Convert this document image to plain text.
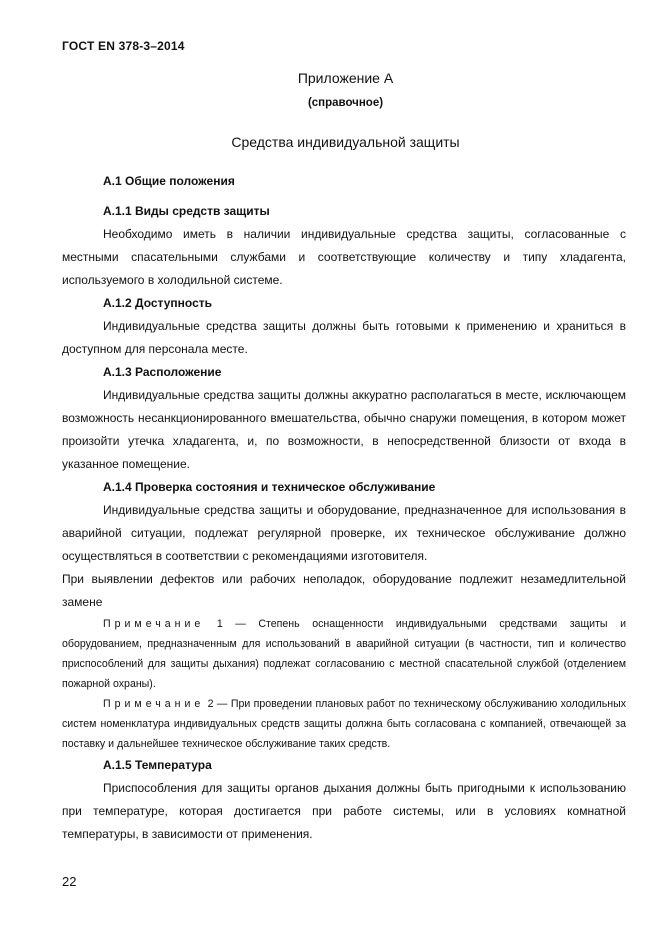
ГОСТ EN 378-3–2014
Приложение А
(справочное)
Средства индивидуальной защиты
А.1 Общие положения
А.1.1 Виды средств защиты

Необходимо иметь в наличии индивидуальные средства защиты, согласованные с местными спасательными службами и соответствующие количеству и типу хладагента, используемого в холодильной системе.

А.1.2 Доступность

Индивидуальные средства защиты должны быть готовыми к применению и храниться в доступном для персонала месте.

А.1.3 Расположение

Индивидуальные средства защиты должны аккуратно располагаться в месте, исключающем возможность несанкционированного вмешательства, обычно снаружи помещения, в котором может произойти утечка хладагента, и, по возможности, в непосредственной близости от входа в указанное помещение.

А.1.4 Проверка состояния и техническое обслуживание

Индивидуальные средства защиты и оборудование, предназначенное для использования в аварийной ситуации, подлежат регулярной проверке, их техническое обслуживание должно осуществляться в соответствии с рекомендациями изготовителя.

При выявлении дефектов или рабочих неполадок, оборудование подлежит незамедлительной замене

Примечание 1 — Степень оснащенности индивидуальными средствами защиты и оборудованием, предназначенным для использований в аварийной ситуации (в частности, тип и количество приспособлений для защиты дыхания) подлежат согласованию с местной спасательной службой (отделением пожарной охраны).

Примечание 2 — При проведении плановых работ по техническому обслуживанию холодильных систем номенклатура индивидуальных средств защиты должна быть согласована с компанией, отвечающей за поставку и дальнейшее техническое обслуживание таких средств.

А.1.5 Температура

Приспособления для защиты органов дыхания должны быть пригодными к использованию при температуре, которая достигается при работе системы, или в условиях комнатной температуры, в зависимости от применения.

22
